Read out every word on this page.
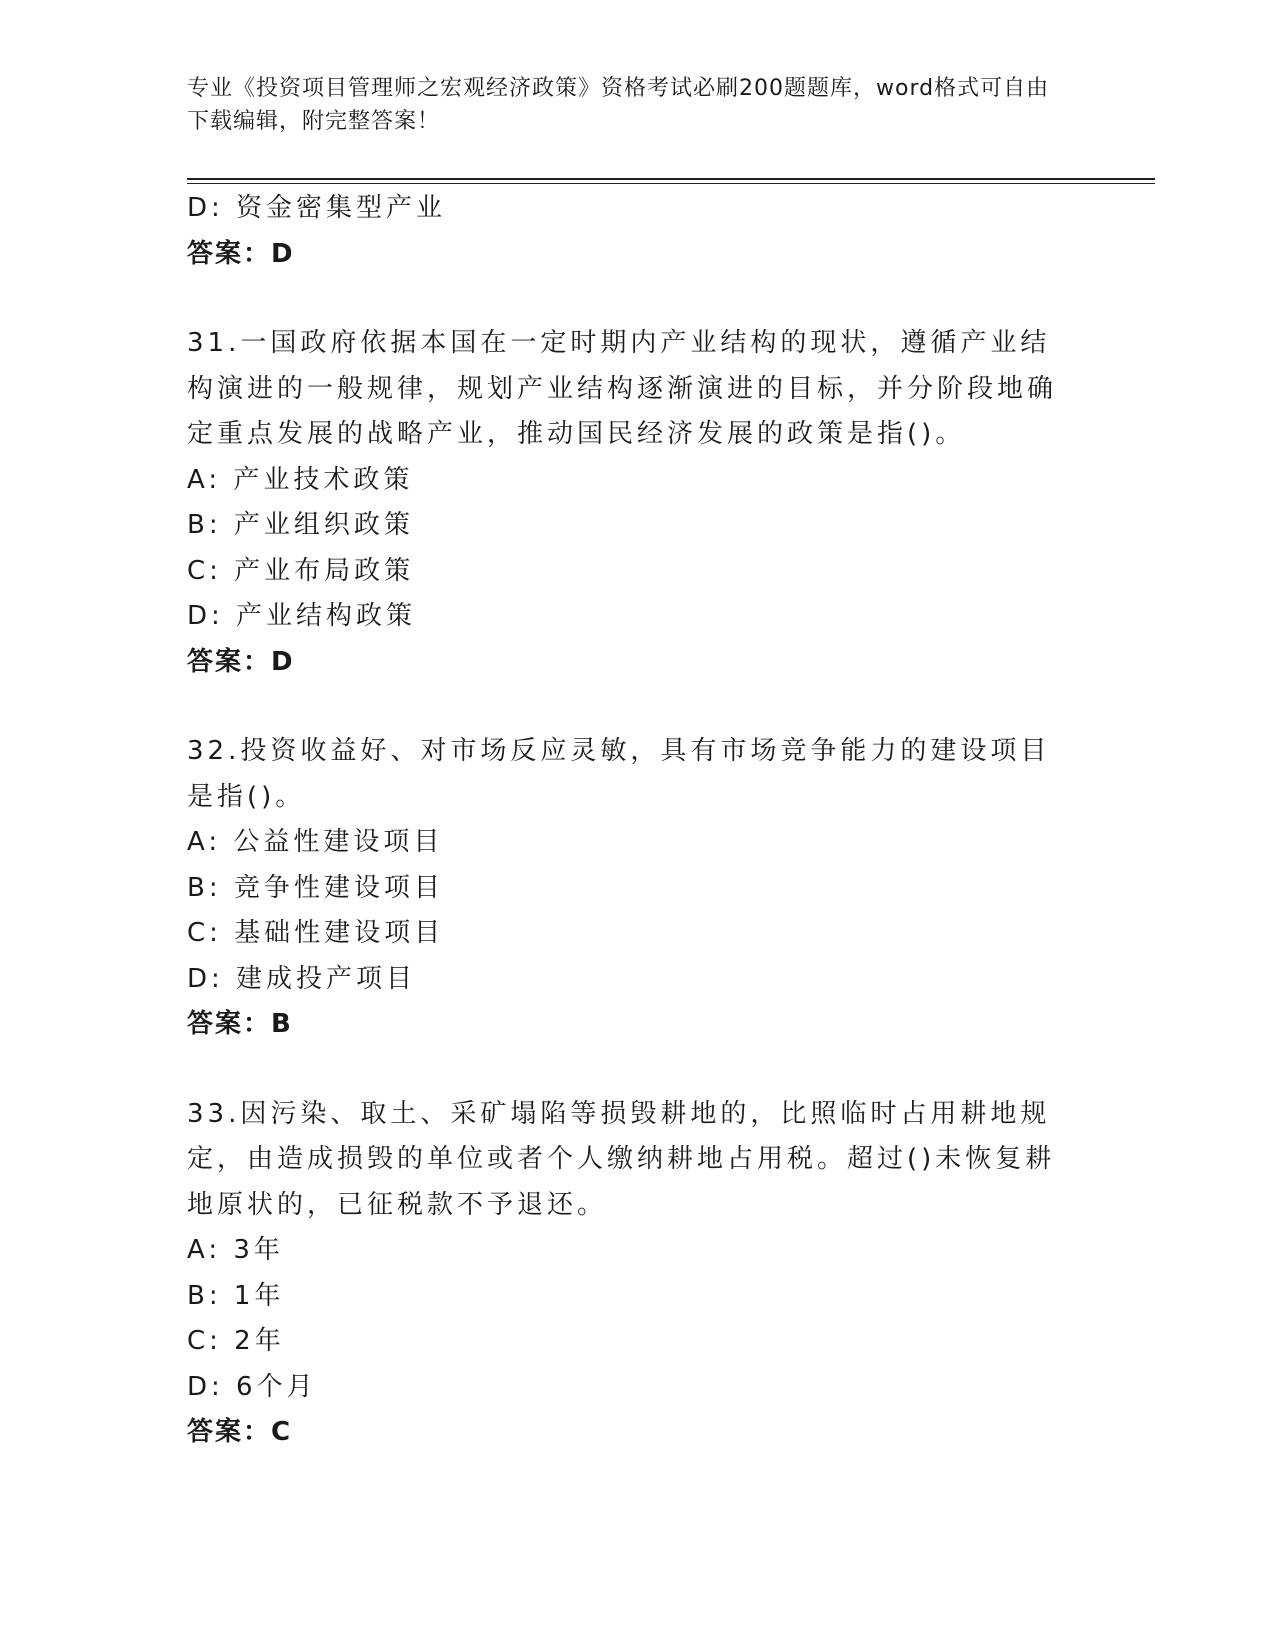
专业《投资项目管理师之宏观经济政策》资格考试必刷200题题库，word格式可自由下载编辑，附完整答案！
D: 资金密集型产业
答案：D
31.一国政府依据本国在一定时期内产业结构的现状，遵循产业结构演进的一般规律，规划产业结构逐渐演进的目标，并分阶段地确定重点发展的战略产业，推动国民经济发展的政策是指()。
A: 产业技术政策
B: 产业组织政策
C: 产业布局政策
D: 产业结构政策
答案：D
32.投资收益好、对市场反应灵敏，具有市场竞争能力的建设项目是指()。
A: 公益性建设项目
B: 竞争性建设项目
C: 基础性建设项目
D: 建成投产项目
答案：B
33.因污染、取土、采矿塌陷等损毁耕地的，比照临时占用耕地规定，由造成损毁的单位或者个人缴纳耕地占用税。超过()未恢复耕地原状的，已征税款不予退还。
A: 3年
B: 1年
C: 2年
D: 6个月
答案：C
